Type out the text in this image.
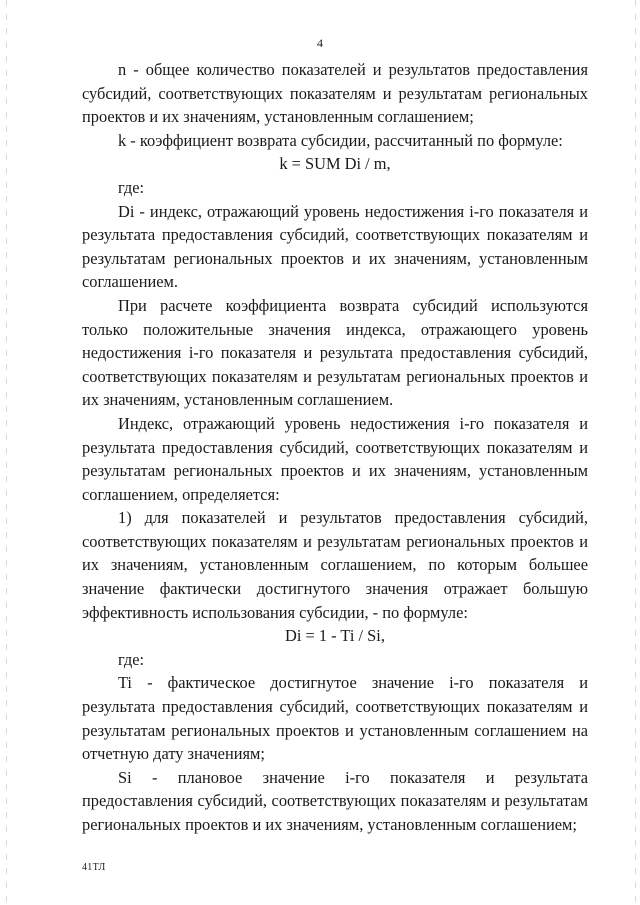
4

n - общее количество показателей и результатов предоставления субсидий, соответствующих показателям и результатам региональных проектов и их значениям, установленным соглашением;

k - коэффициент возврата субсидии, рассчитанный по формуле:

k = SUM Di / m,

где:

Di - индекс, отражающий уровень недостижения i-го показателя и результата предоставления субсидий, соответствующих показателям и результатам региональных проектов и их значениям, установленным соглашением.

При расчете коэффициента возврата субсидий используются только положительные значения индекса, отражающего уровень недостижения i-го показателя и результата предоставления субсидий, соответствующих показателям и результатам региональных проектов и их значениям, установленным соглашением.

Индекс, отражающий уровень недостижения i-го показателя и результата предоставления субсидий, соответствующих показателям и результатам региональных проектов и их значениям, установленным соглашением, определяется:

1) для показателей и результатов предоставления субсидий, соответствующих показателям и результатам региональных проектов и их значениям, установленным соглашением, по которым большее значение фактически достигнутого значения отражает большую эффективность использования субсидии, - по формуле:

Di = 1 - Ti / Si,

где:

Ti - фактическое достигнутое значение i-го показателя и результата предоставления субсидий, соответствующих показателям и результатам региональных проектов и установленным соглашением на отчетную дату значениям;

Si - плановое значение i-го показателя и результата предоставления субсидий, соответствующих показателям и результатам региональных проектов и их значениям, установленным соглашением;

41ТЛ
